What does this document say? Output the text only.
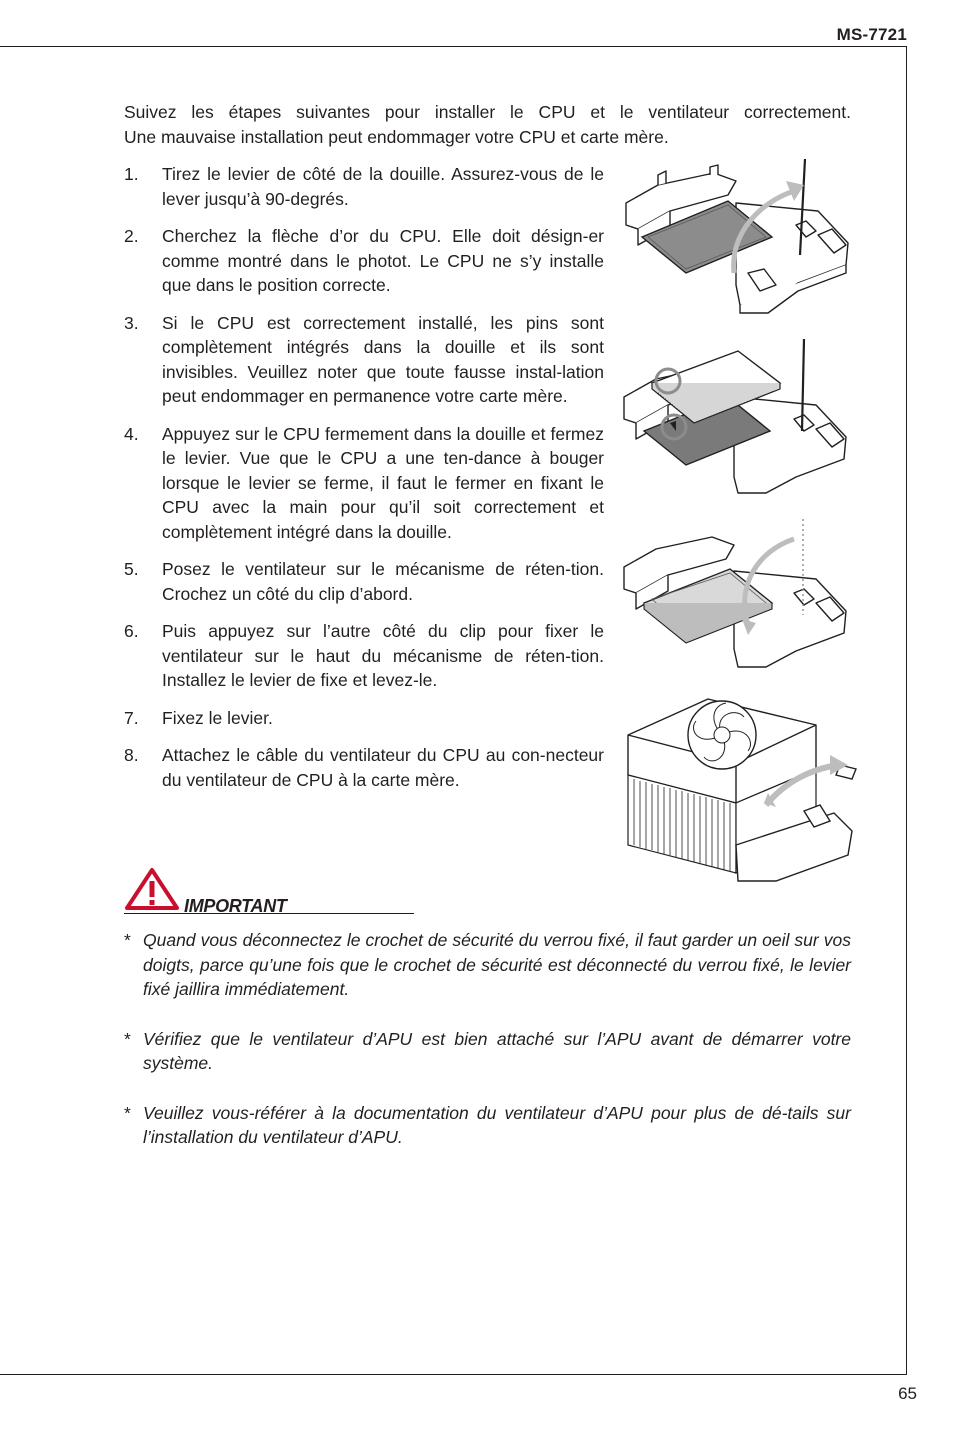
MS-7721
65

Suivez les étapes suivantes pour installer le CPU et le ventilateur correctement.
Une mauvaise installation peut endommager votre CPU et carte mère.

1. Tirez le levier de côté de la douille. Assurez-vous de le lever jusqu’à 90-degrés.
2. Cherchez la flèche d’or du CPU. Elle doit désign-er comme montré dans le photot. Le CPU ne s’y installe que dans le position correcte.
3. Si le CPU est correctement installé, les pins sont complètement intégrés dans la douille et ils sont invisibles. Veuillez noter que toute fausse instal-lation peut endommager en permanence votre carte mère.
4. Appuyez sur le CPU fermement dans la douille et fermez le levier. Vue que le CPU a une ten-dance à bouger lorsque le levier se ferme, il faut le fermer en fixant le CPU avec la main pour qu’il soit correctement et complètement intégré dans la douille.
5. Posez le ventilateur sur le mécanisme de réten-tion. Crochez un côté du clip d’abord.
6. Puis appuyez sur l’autre côté du clip pour fixer le ventilateur sur le haut du mécanisme de réten-tion. Installez le levier de fixe et levez-le.
7. Fixez le levier.
8. Attachez le câble du ventilateur du CPU au con-necteur du ventilateur de CPU à la carte mère.
IMPORTANT
* Quand vous déconnectez le crochet de sécurité du verrou fixé, il faut garder un oeil sur vos doigts, parce qu’une fois que le crochet de sécurité est déconnecté du verrou fixé, le levier fixé jaillira immédiatement.
* Vérifiez que le ventilateur d’APU est bien attaché sur l’APU avant de démarrer votre système.
* Veuillez vous-référer à la documentation du ventilateur d’APU pour plus de dé-tails sur l’installation du ventilateur d’APU.
